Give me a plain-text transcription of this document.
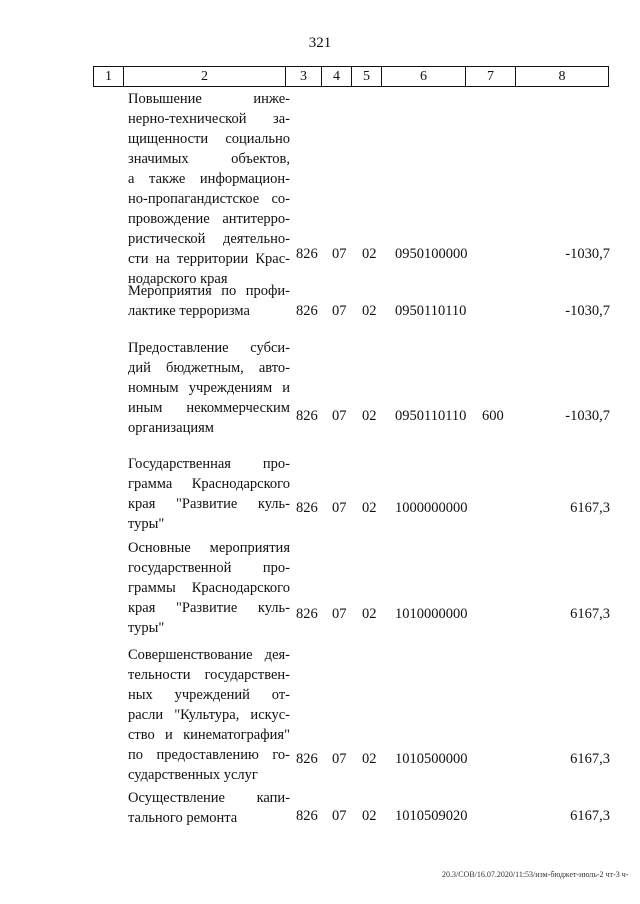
321
1	2	3	4	5	6	7	8
Повышение инже-
нерно-технической за-
щищенности социально
значимых объектов,
а также информацион-
но-пропагандистское со-
провождение антитерро-
ристической деятельно-
сти на территории Крас-
нодарского края
826 07 02 0950100000	-1030,7
Мероприятия по профи-
лактике терроризма	826 07 02 0950110110	-1030,7
Предоставление субси-
дий бюджетным, авто-
номным учреждениям и
иным некоммерческим
организациям
826 07 02 0950110110 600	-1030,7
Государственная про-
грамма Краснодарского
края "Развитие куль-
туры"
826 07 02 1000000000	6167,3
Основные мероприятия
государственной про-
граммы Краснодарского
края "Развитие куль-
туры"
826 07 02 1010000000	6167,3
Совершенствование дея-
тельности государствен-
ных учреждений от-
расли "Культура, искус-
ство и кинематография"
по предоставлению го-
сударственных услуг
826 07 02 1010500000	6167,3
Осуществление капи-
тального ремонта	826 07 02 1010509020	6167,3
20.3/СОВ/16.07.2020/11:53/изм-бюджет-июль-2 чт-3 ч-
